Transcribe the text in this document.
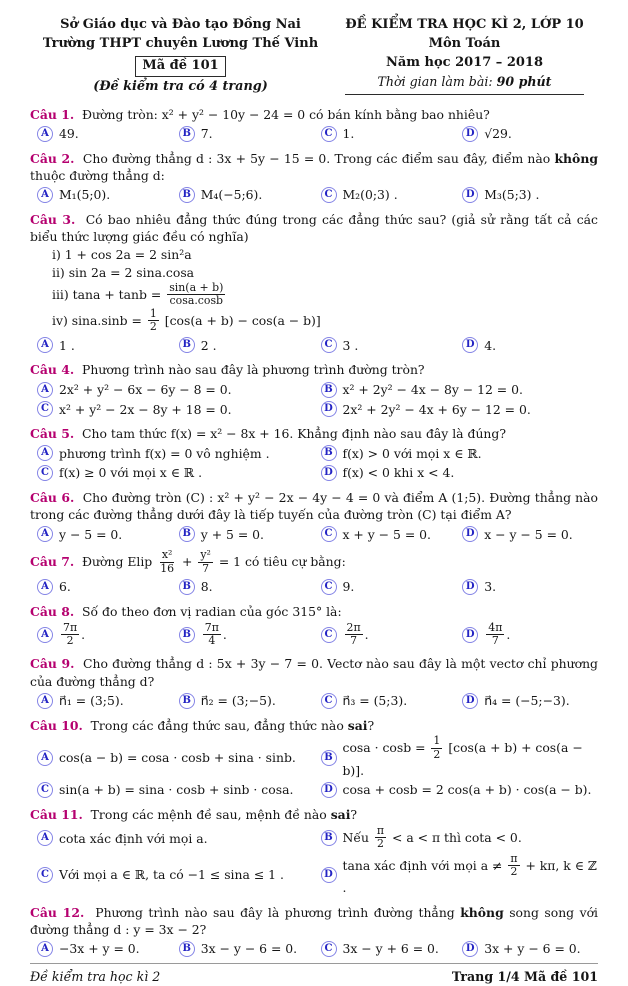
Sở Giáo dục và Đào tạo Đồng Nai
Trường THPT chuyên Lương Thế Vinh
Mã đề 101
(Đề kiểm tra có 4 trang)
ĐỀ KIỂM TRA HỌC KÌ 2, LỚP 10
Môn Toán
Năm học 2017 – 2018
Thời gian làm bài: 90 phút
Câu 1. Đường tròn: x² + y² − 10y − 24 = 0 có bán kính bằng bao nhiêu?
A 49.	B 7.	C 1.	D √29.
Câu 2. Cho đường thẳng d : 3x + 5y − 15 = 0. Trong các điểm sau đây, điểm nào không thuộc đường thẳng d:
A M₁(5;0).	B M₄(−5;6).	C M₂(0;3) .	D M₃(5;3) .
Câu 3. Có bao nhiêu đẳng thức đúng trong các đẳng thức sau? (giả sử rằng tất cả các biểu thức lượng giác đều có nghĩa)
i) 1 + cos 2a = 2 sin²a
ii) sin 2a = 2 sina.cosa
iii) $\tan a + \tan b = \frac{\sin(a + b)}{\cos a.\cos b}$
iv) $\sin a.\sin b = \frac{1}{2} [\cos(a + b) - \cos(a - b)]$
A 1 .	B 2 .	C 3 .	D 4.
Câu 4. Phương trình nào sau đây là phương trình đường tròn?
A 2x² + y² − 6x − 6y − 8 = 0.	B x² + 2y² − 4x − 8y − 12 = 0.
C x² + y² − 2x − 8y + 18 = 0.	D 2x² + 2y² − 4x + 6y − 12 = 0.
Câu 5. Cho tam thức f(x) = x² − 8x + 16. Khẳng định nào sau đây là đúng?
A phương trình f(x) = 0 vô nghiệm .	B f(x) > 0 với mọi x ∈ ℝ.
C f(x) ≥ 0 với mọi x ∈ ℝ .	D f(x) < 0 khi x < 4.
Câu 6. Cho đường tròn (C) : x² + y² − 2x − 4y − 4 = 0 và điểm A (1;5). Đường thẳng nào trong các đường thẳng dưới đây là tiếp tuyến của đường tròn (C) tại điểm A?
A y − 5 = 0.	B y + 5 = 0.	C x + y − 5 = 0.	D x − y − 5 = 0.
Câu 7. Đường Elip $\frac{\text{x²}}{16} + \frac{\text{y²}}{7} = 1$ có tiêu cự bằng:
A 6.	B 8.	C 9.	D 3.
Câu 8. Số đo theo đơn vị radian của góc 315° là:
A	$\frac{7\pi}{2}$ .	B	$\frac{7\pi}{4}$ .	C	$\frac{2\pi}{7}$ .	D	$\frac{4\pi}{7}$ .
Câu 9. Cho đường thẳng d : 5x + 3y − 7 = 0. Vectơ nào sau đây là một vectơ chỉ phương của đường thẳng d?
A n⃗₁ = (3;5).	B n⃗₂ = (3;−5).	C n⃗₃ = (5;3).	D n⃗₄ = (−5;−3).
Câu 10. Trong các đẳng thức sau, đẳng thức nào sai?
A cos(a − b) = cosa · cosb + sina · sinb.	B
$\cos a \cdot \cos b = \frac{1}{2} [\cos(a + b) + \cos(a - b)]$.
C sin(a + b) = sina · cosb + sinb · cosa.	D cosa + cosb = 2 cos(a + b) · cos(a − b).
Câu 11. Trong các mệnh đề sau, mệnh đề nào sai?
A cota xác định với mọi a.	B Nếu $\frac{\pi}{2} < a < \pi$ thì cota < 0.
C Với mọi a ∈ ℝ, ta có −1 ≤ sina ≤ 1 .	D
tana xác định với mọi $a \ne \frac{\pi}{2} + k\pi$, k ∈ ℤ .
Câu 12. Phương trình nào sau đây là phương trình đường thẳng không song song với đường thẳng d : y = 3x − 2?
A −3x + y = 0.	B 3x − y − 6 = 0.	C 3x − y + 6 = 0.	D 3x + y − 6 = 0.
Đề kiểm tra học kì 2	Trang 1/4 Mã đề 101
